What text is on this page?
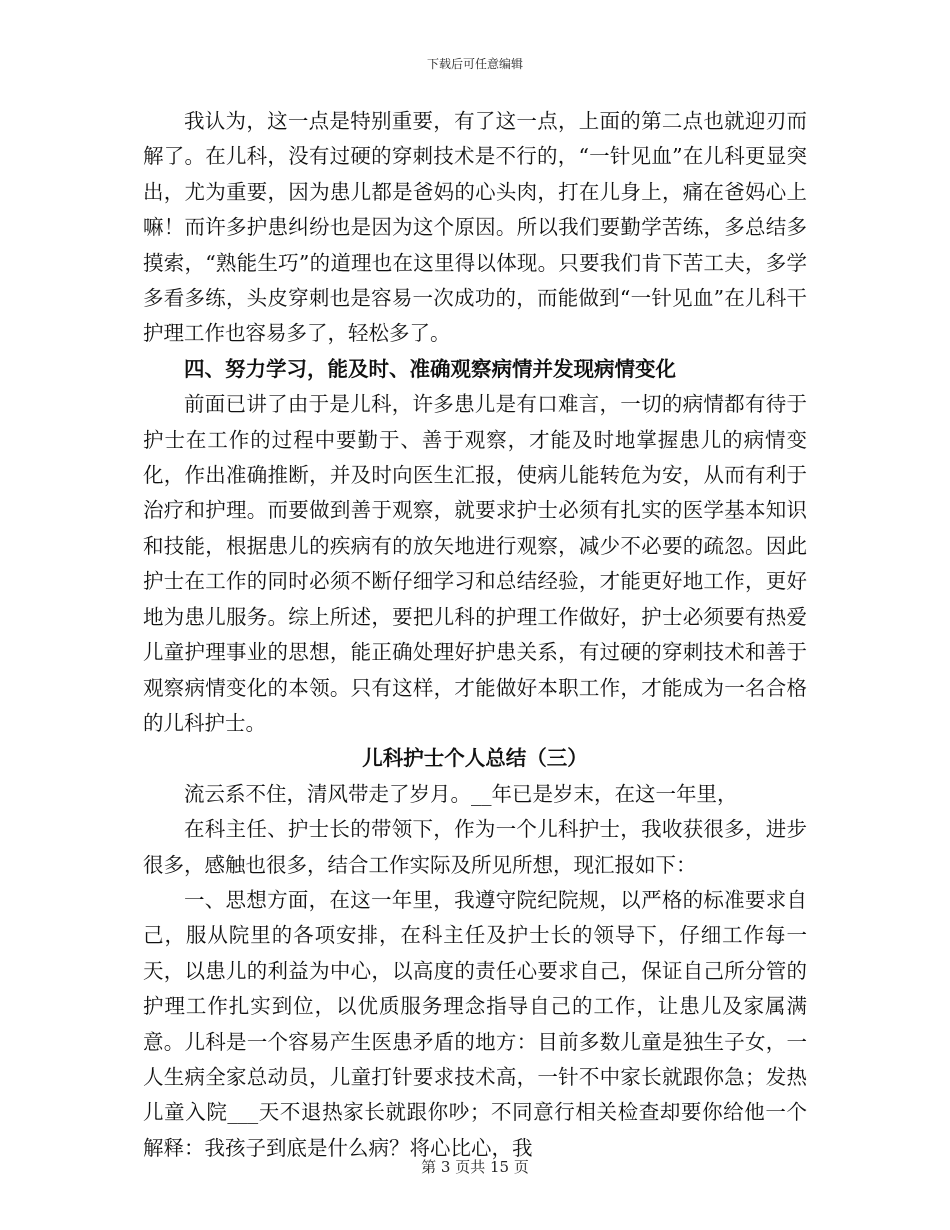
下载后可任意编辑

我认为，这一点是特别重要，有了这一点，上面的第二点也就迎刃而解了。在儿科，没有过硬的穿刺技术是不行的，“一针见血”在儿科更显突出，尤为重要，因为患儿都是爸妈的心头肉，打在儿身上，痛在爸妈心上嘛！而许多护患纠纷也是因为这个原因。所以我们要勤学苦练，多总结多摸索，“熟能生巧”的道理也在这里得以体现。只要我们肯下苦工夫，多学多看多练，头皮穿刺也是容易一次成功的，而能做到“一针见血”在儿科干护理工作也容易多了，轻松多了。

四、努力学习，能及时、准确观察病情并发现病情变化

前面已讲了由于是儿科，许多患儿是有口难言，一切的病情都有待于护士在工作的过程中要勤于、善于观察，才能及时地掌握患儿的病情变化，作出准确推断，并及时向医生汇报，使病儿能转危为安，从而有利于治疗和护理。而要做到善于观察，就要求护士必须有扎实的医学基本知识和技能，根据患儿的疾病有的放矢地进行观察，减少不必要的疏忽。因此护士在工作的同时必须不断仔细学习和总结经验，才能更好地工作，更好地为患儿服务。综上所述，要把儿科的护理工作做好，护士必须要有热爱儿童护理事业的思想，能正确处理好护患关系，有过硬的穿刺技术和善于观察病情变化的本领。只有这样，才能做好本职工作，才能成为一名合格的儿科护士。

儿科护士个人总结（三）

流云系不住，清风带走了岁月。__年已是岁末，在这一年里，

在科主任、护士长的带领下，作为一个儿科护士，我收获很多，进步很多，感触也很多，结合工作实际及所见所想，现汇报如下：

一、思想方面，在这一年里，我遵守院纪院规，以严格的标准要求自己，服从院里的各项安排，在科主任及护士长的领导下，仔细工作每一天，以患儿的利益为中心，以高度的责任心要求自己，保证自己所分管的护理工作扎实到位，以优质服务理念指导自己的工作，让患儿及家属满意。儿科是一个容易产生医患矛盾的地方：目前多数儿童是独生子女，一人生病全家总动员，儿童打针要求技术高，一针不中家长就跟你急；发热儿童入院___天不退热家长就跟你吵；不同意行相关检查却要你给他一个解释：我孩子到底是什么病？将心比心，我

第 3 页共 15 页
